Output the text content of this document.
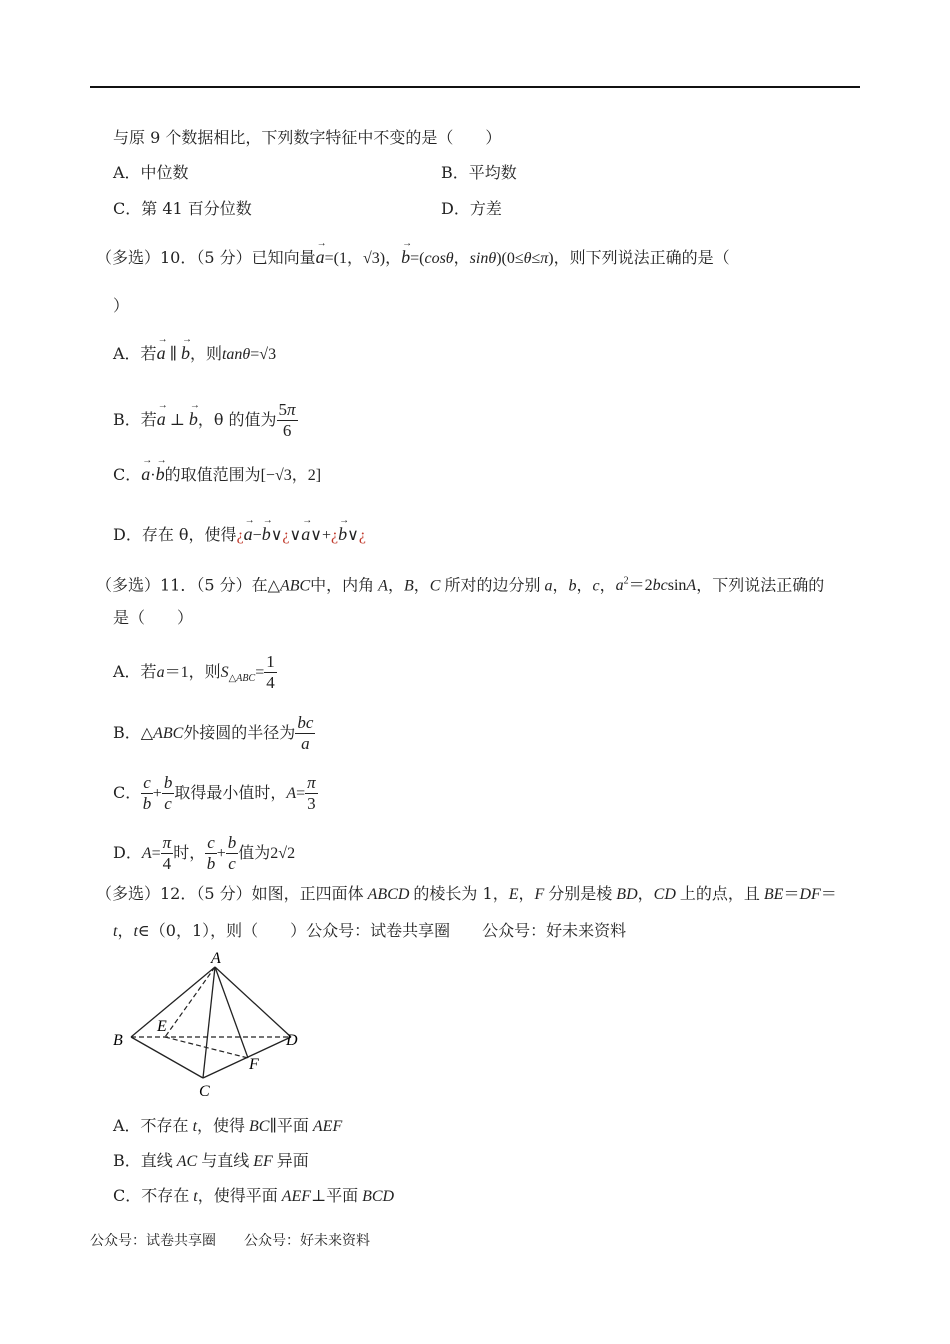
与原 9 个数据相比，下列数字特征中不变的是（　　）
A．中位数	B．平均数
C．第 41 百分位数	D．方差
（多选）10．（5 分）已知向量→ a=(1，√3)，→ b=(cosθ，sinθ)(0≤θ≤π)，则下列说法正确的是（
）
A．若→ a ∥ → b，则tanθ=√3
B．若→ a ⊥ → b，θ 的值为 $\frac{5\pi}{6}$
C．→ a·→ b的取值范围为[−√3，2]
D．存在 θ，使得¿→ a−→ b∨¿∨→ a∨+¿→ b∨¿
（多选）11．（5 分）在△ABC中，内角 A，B，C 所对的边分别 a，b，c，$a^2=2bcsinA$，下列说法正确的
是（　　）
A．若a＝1，则$S_{\triangle ABC}= \frac{1}{4}$
B．△ABC外接圆的半径为 $\frac{bc}{a}$
C． $\frac{c}{b} + \frac{b}{c}$ 取得最小值时，$A= \frac{\pi}{3}$
D．$A= \frac{\pi}{4}$ 时， $\frac{c}{b} + \frac{b}{c}$ 值为2√2
（多选）12．（5 分）如图，正四面体 ABCD 的棱长为 1，E，F 分别是棱 BD，CD 上的点，且 BE＝DF＝
t，t∈（0，1），则（　　）公众号：试卷共享圈　　公众号：好未来资料
A
B
C
D
E
F
A．不存在 t，使得 BC∥平面 AEF
B．直线 AC 与直线 EF 异面
C．不存在 t，使得平面 AEF⊥平面 BCD
公众号：试卷共享圈　　公众号：好未来资料
